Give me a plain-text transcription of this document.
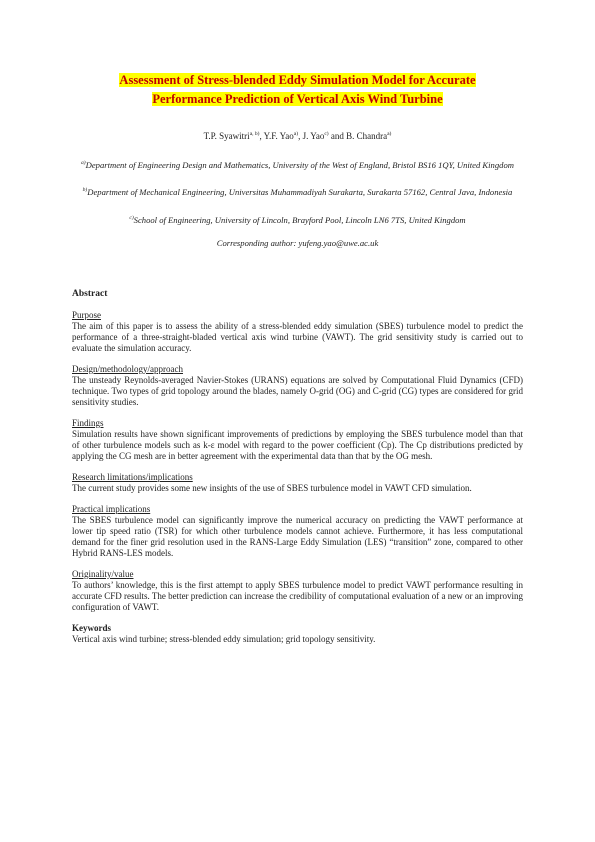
Assessment of Stress-blended Eddy Simulation Model for Accurate
Performance Prediction of Vertical Axis Wind Turbine
T.P. Syawitri$^{a, b)}$, Y.F. Yao$^{a)}$, J. Yao$^{c)}$ and B. Chandra$^{a)}$
$^{a)}$Department of Engineering Design and Mathematics, University of the West of England, Bristol BS16 1QY, United Kingdom
$^{b)}$Department of Mechanical Engineering, Universitas Muhammadiyah Surakarta, Surakarta 57162, Central Java, Indonesia
$^{c)}$School of Engineering, University of Lincoln, Brayford Pool, Lincoln LN6 7TS, United Kingdom
Corresponding author: yufeng.yao@uwe.ac.uk
Abstract
Purpose
The aim of this paper is to assess the ability of a stress-blended eddy simulation (SBES) turbulence model to predict the performance of a three-straight-bladed vertical axis wind turbine (VAWT). The grid sensitivity study is carried out to evaluate the simulation accuracy.
Design/methodology/approach
The unsteady Reynolds-averaged Navier-Stokes (URANS) equations are solved by Computational Fluid Dynamics (CFD) technique. Two types of grid topology around the blades, namely O-grid (OG) and C-grid (CG) types are considered for grid sensitivity studies.
Findings
Simulation results have shown significant improvements of predictions by employing the SBES turbulence model than that of other turbulence models such as k-ε model with regard to the power coefficient (Cp). The Cp distributions predicted by applying the CG mesh are in better agreement with the experimental data than that by the OG mesh.
Research limitations/implications
The current study provides some new insights of the use of SBES turbulence model in VAWT CFD simulation.
Practical implications
The SBES turbulence model can significantly improve the numerical accuracy on predicting the VAWT performance at lower tip speed ratio (TSR) for which other turbulence models cannot achieve. Furthermore, it has less computational demand for the finer grid resolution used in the RANS-Large Eddy Simulation (LES) “transition” zone, compared to other Hybrid RANS-LES models.
Originality/value
To authors’ knowledge, this is the first attempt to apply SBES turbulence model to predict VAWT performance resulting in accurate CFD results. The better prediction can increase the credibility of computational evaluation of a new or an improving configuration of VAWT.
Keywords
Vertical axis wind turbine; stress-blended eddy simulation; grid topology sensitivity.
